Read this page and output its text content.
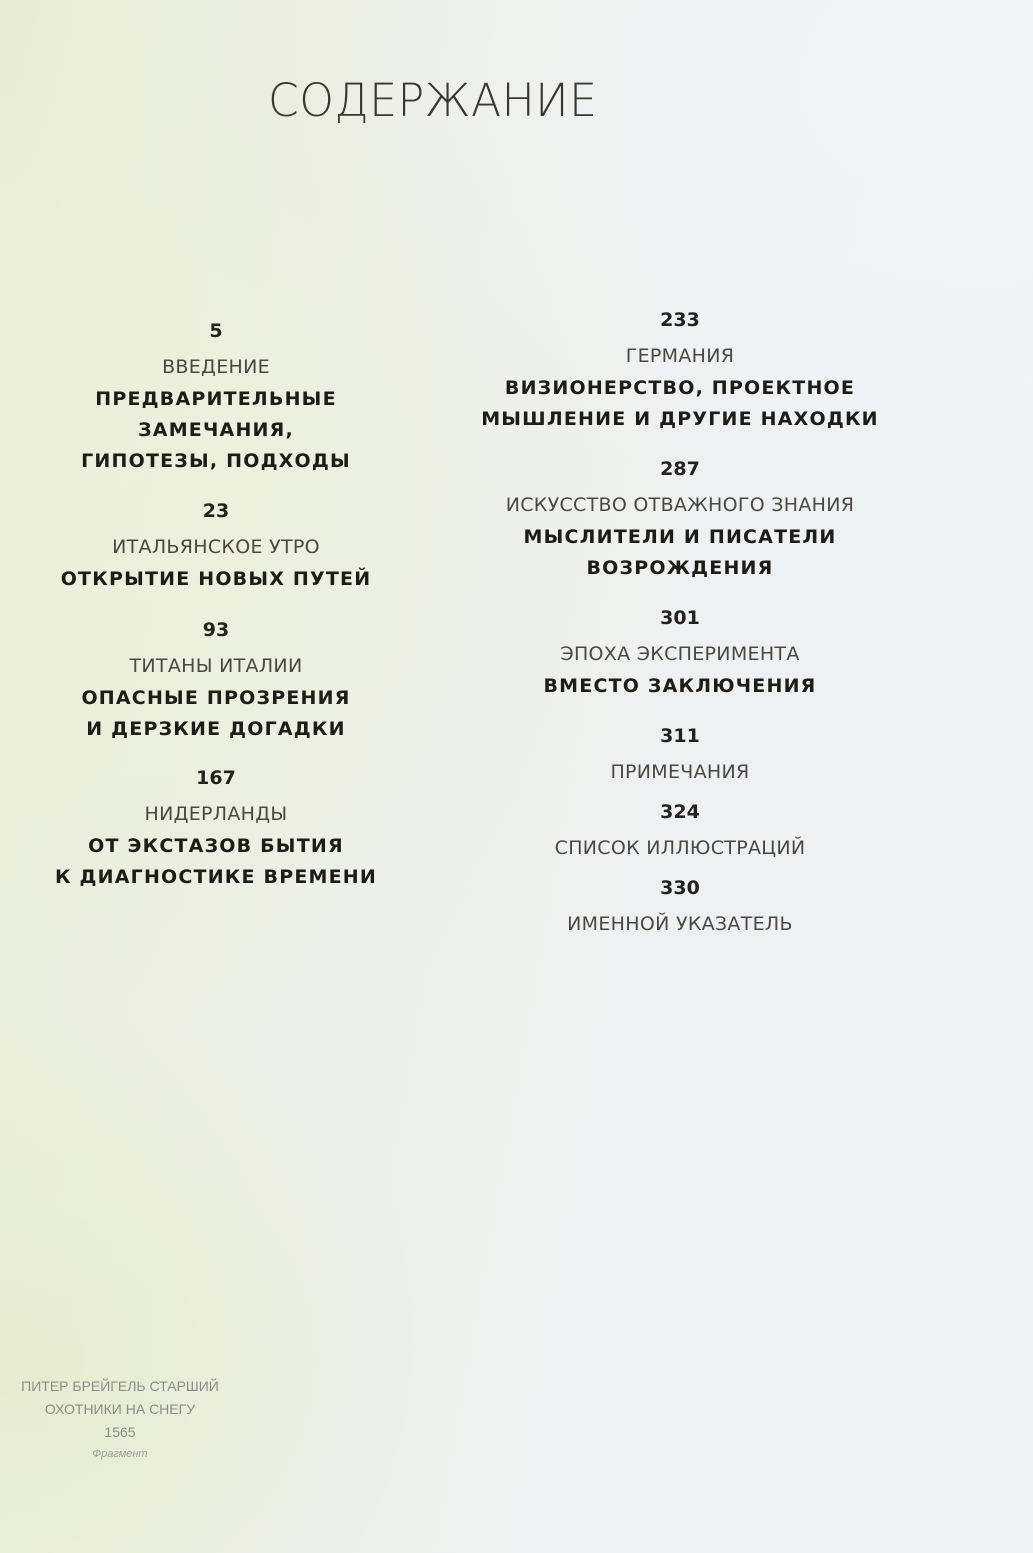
СОДЕРЖАНИЕ
5
ВВЕДЕНИЕ
ПРЕДВАРИТЕЛЬНЫЕ ЗАМЕЧАНИЯ,
ГИПОТЕЗЫ, ПОДХОДЫ
23
ИТАЛЬЯНСКОЕ УТРО
ОТКРЫТИЕ НОВЫХ ПУТЕЙ
93
ТИТАНЫ ИТАЛИИ
ОПАСНЫЕ ПРОЗРЕНИЯ
И ДЕРЗКИЕ ДОГАДКИ
167
НИДЕРЛАНДЫ
ОТ ЭКСТАЗОВ БЫТИЯ
К ДИАГНОСТИКЕ ВРЕМЕНИ
233
ГЕРМАНИЯ
ВИЗИОНЕРСТВО, ПРОЕКТНОЕ
МЫШЛЕНИЕ И ДРУГИЕ НАХОДКИ
287
ИСКУССТВО ОТВАЖНОГО ЗНАНИЯ
МЫСЛИТЕЛИ И ПИСАТЕЛИ
ВОЗРОЖДЕНИЯ
301
ЭПОХА ЭКСПЕРИМЕНТА
ВМЕСТО ЗАКЛЮЧЕНИЯ
311
ПРИМЕЧАНИЯ
324
СПИСОК ИЛЛЮСТРАЦИЙ
330
ИМЕННОЙ УКАЗАТЕЛЬ
ПИТЕР БРЕЙГЕЛЬ СТАРШИЙ
ОХОТНИКИ НА СНЕГУ
1565
Фрагмент
